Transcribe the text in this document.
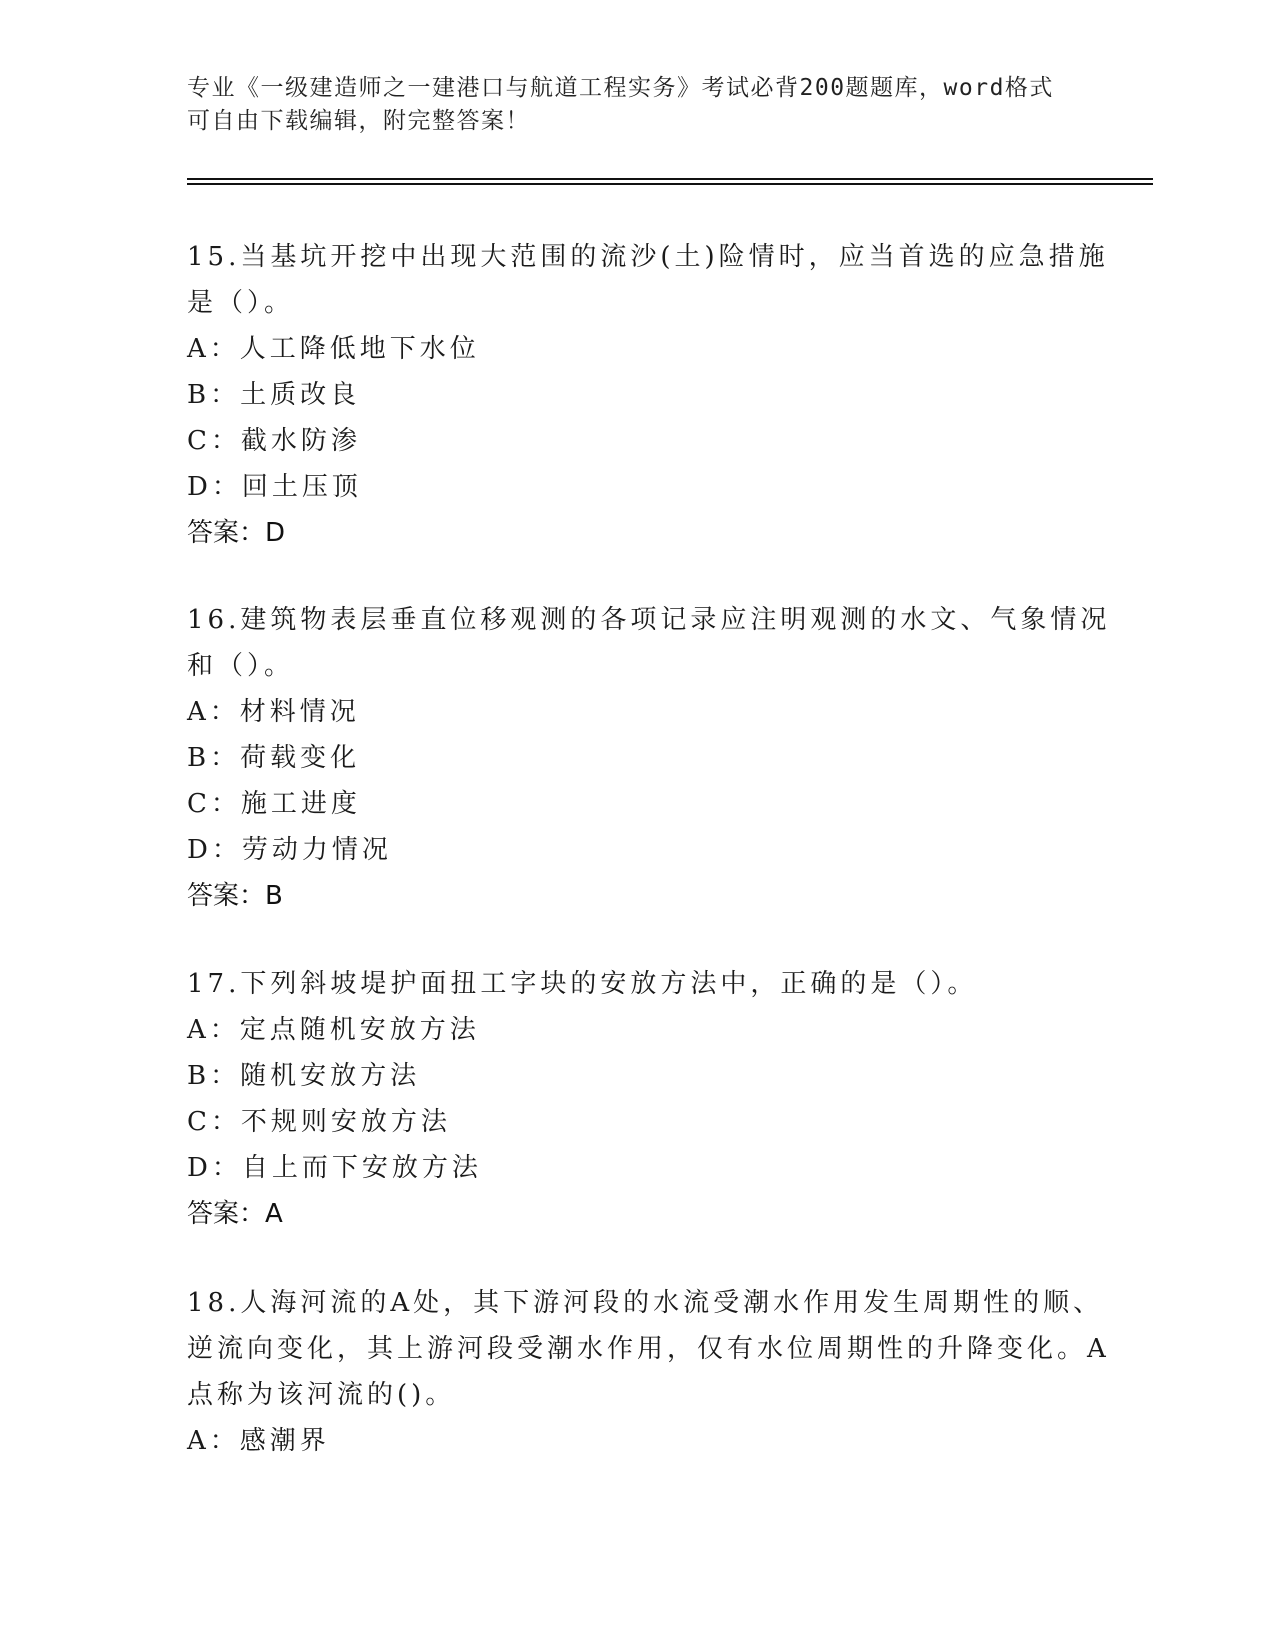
专业《一级建造师之一建港口与航道工程实务》考试必背200题题库，word格式
可自由下载编辑，附完整答案！
15.当基坑开挖中出现大范围的流沙(土)险情时，应当首选的应急措施
是（）。
A：人工降低地下水位
B：土质改良
C：截水防渗
D：回土压顶
答案：D
16.建筑物表层垂直位移观测的各项记录应注明观测的水文、气象情况
和（）。
A：材料情况
B：荷载变化
C：施工进度
D：劳动力情况
答案：B
17.下列斜坡堤护面扭工字块的安放方法中，正确的是（）。
A：定点随机安放方法
B：随机安放方法
C：不规则安放方法
D：自上而下安放方法
答案：A
18.人海河流的A处，其下游河段的水流受潮水作用发生周期性的顺、
逆流向变化，其上游河段受潮水作用，仅有水位周期性的升降变化。A
点称为该河流的()。
A：感潮界
